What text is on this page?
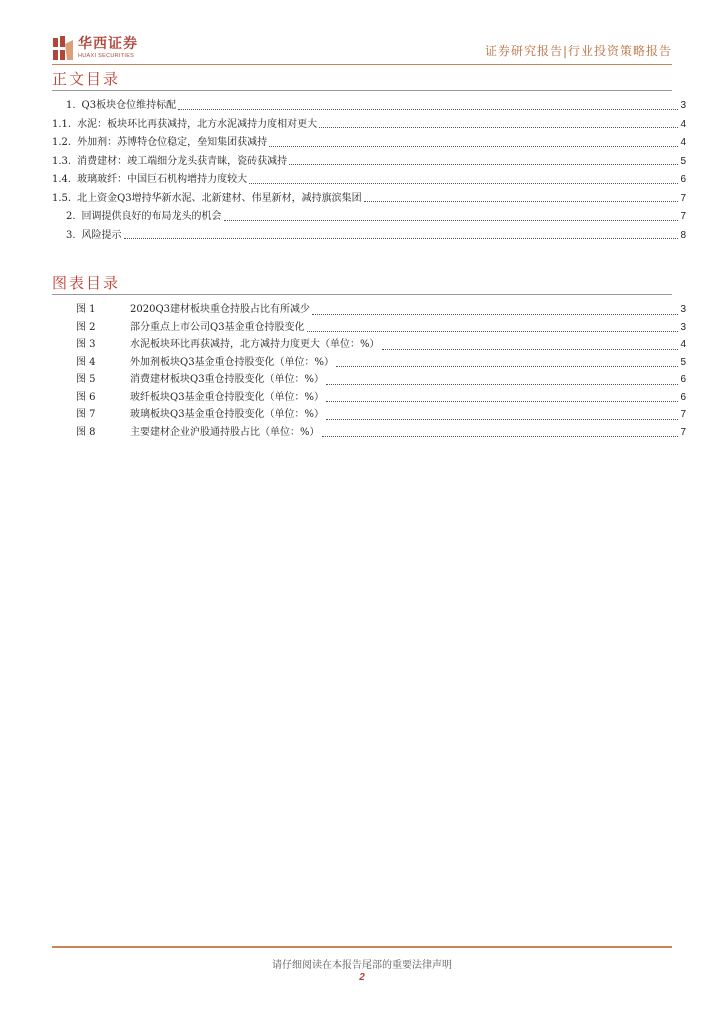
华西证券
HUAXI SECURITIES	证券研究报告|行业投资策略报告
正文目录
1. Q3板块仓位维持标配	3
1.1. 水泥：板块环比再获减持，北方水泥减持力度相对更大	4
1.2. 外加剂：苏博特仓位稳定，垒知集团获减持	4
1.3. 消费建材：竣工端细分龙头获青睐，瓷砖获减持	5
1.4. 玻璃玻纤：中国巨石机构增持力度较大	6
1.5. 北上资金Q3增持华新水泥、北新建材、伟星新材，减持旗滨集团	7
2. 回调提供良好的布局龙头的机会	7
3. 风险提示	8
图表目录
图 1	2020Q3建材板块重仓持股占比有所减少	3
图 2	部分重点上市公司Q3基金重仓持股变化	3
图 3	水泥板块环比再获减持，北方减持力度更大（单位：%）	4
图 4	外加剂板块Q3基金重仓持股变化（单位：%）	5
图 5	消费建材板块Q3重仓持股变化（单位：%）	6
图 6	玻纤板块Q3基金重仓持股变化（单位：%）	6
图 7	玻璃板块Q3基金重仓持股变化（单位：%）	7
图 8	主要建材企业沪股通持股占比（单位：%）	7
请仔细阅读在本报告尾部的重要法律声明
2
